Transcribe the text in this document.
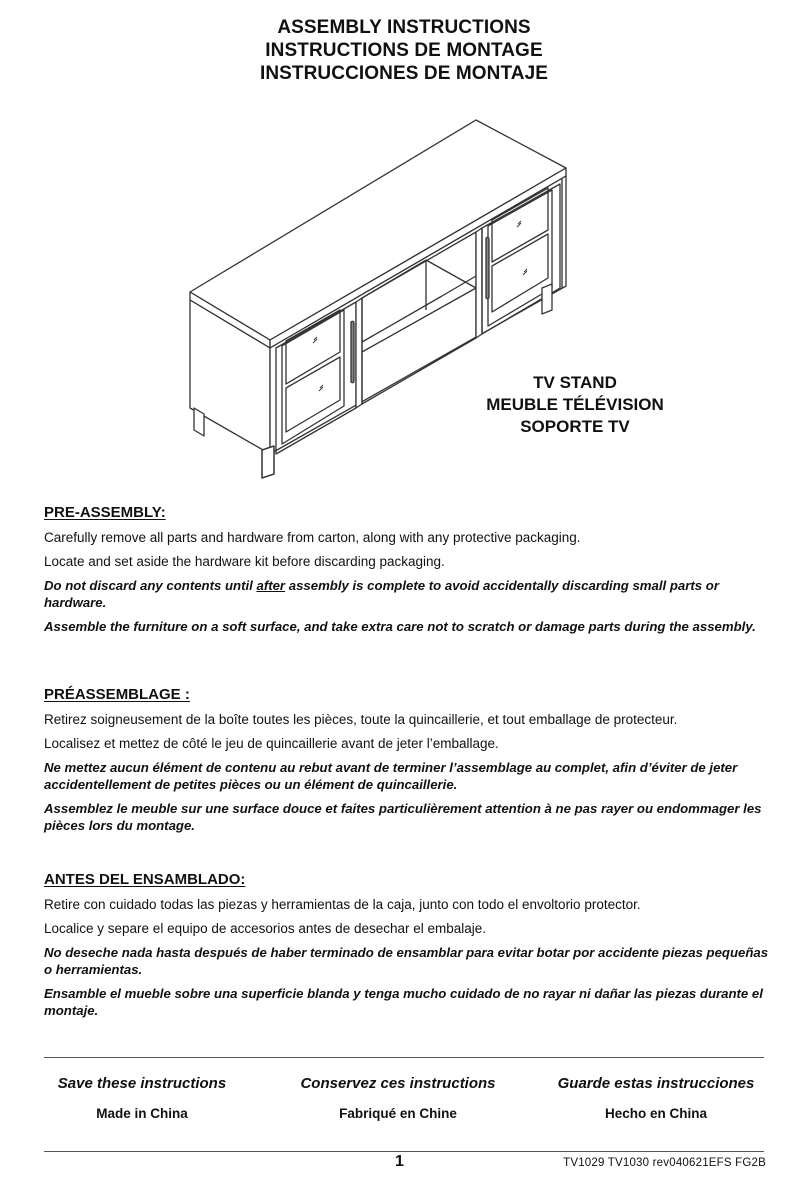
ASSEMBLY INSTRUCTIONS
INSTRUCTIONS DE MONTAGE
INSTRUCCIONES DE MONTAJE
TV STAND
MEUBLE TÉLÉVISION
SOPORTE TV
PRE-ASSEMBLY:

Carefully remove all parts and hardware from carton, along with any protective packaging.

Locate and set aside the hardware kit before discarding packaging.

Do not discard any contents until after assembly is complete to avoid accidentally discarding small parts or hardware.

Assemble the furniture on a soft surface, and take extra care not to scratch or damage parts during the assembly.

PRÉASSEMBLAGE :

Retirez soigneusement de la boîte toutes les pièces, toute la quincaillerie, et tout emballage de protecteur.

Localisez et mettez de côté le jeu de quincaillerie avant de jeter l’emballage.

Ne mettez aucun élément de contenu au rebut avant de terminer l’assemblage au complet, afin d’éviter de jeter accidentellement de petites pièces ou un élément de quincaillerie.

Assemblez le meuble sur une surface douce et faites particulièrement attention à ne pas rayer ou endommager les pièces lors du montage.

ANTES DEL ENSAMBLADO:

Retire con cuidado todas las piezas y herramientas de la caja, junto con todo el envoltorio protector.

Localice y separe el equipo de accesorios antes de desechar el embalaje.

No deseche nada hasta después de haber terminado de ensamblar para evitar botar por accidente piezas pequeñas o herramientas.

Ensamble el mueble sobre una superficie blanda y tenga mucho cuidado de no rayar ni dañar las piezas durante el montaje.

Save these instructions	Conservez ces instructions	Guarde estas instrucciones
Made in China	Fabriqué en Chine	Hecho en China
1	TV1029 TV1030 rev040621EFS FG2B
